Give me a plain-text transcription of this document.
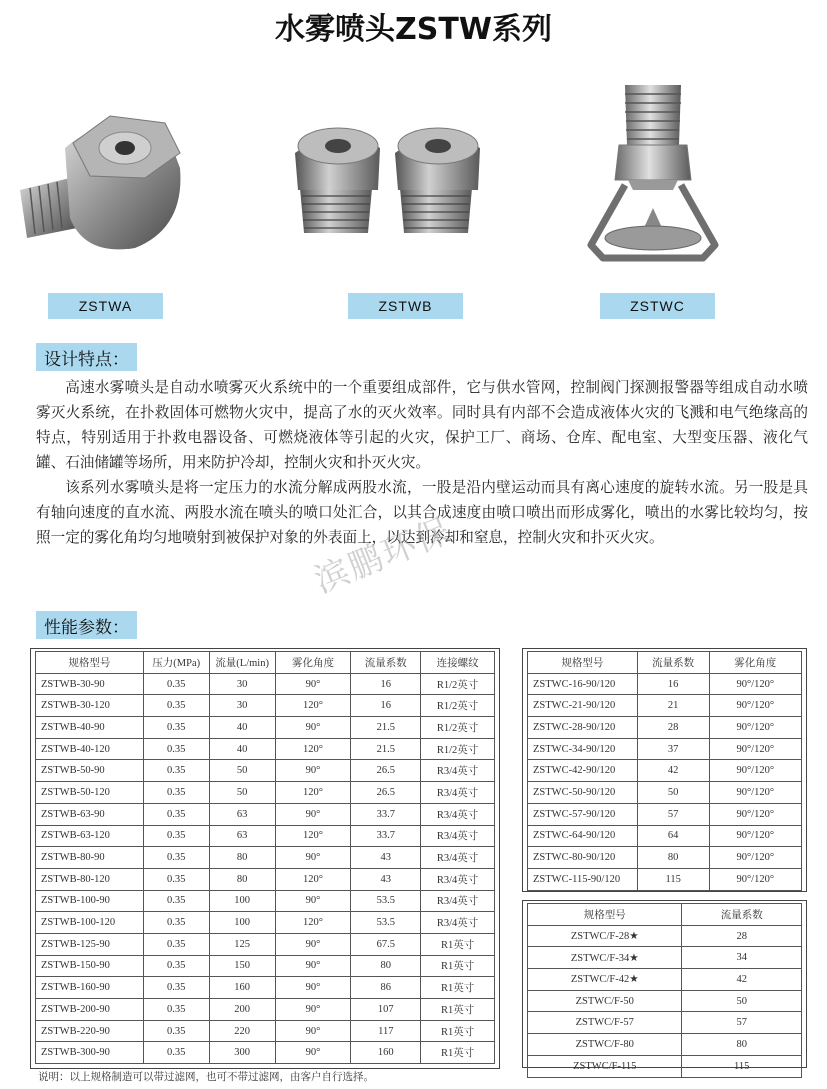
水雾喷头ZSTW系列
ZSTWA	ZSTWB	ZSTWC
设计特点：
高速水雾喷头是自动水喷雾灭火系统中的一个重要组成部件，它与供水管网，控制阀门探测报警器等组成自动水喷雾灭火系统，在扑救固体可燃物火灾中，提高了水的灭火效率。同时具有内部不会造成液体火灾的飞溅和电气绝缘高的特点，特别适用于扑救电器设备、可燃烧液体等引起的火灾，保护工厂、商场、仓库、配电室、大型变压器、液化气罐、石油储罐等场所，用来防护冷却，控制火灾和扑灭火灾。
该系列水雾喷头是将一定压力的水流分解成两股水流，一股是沿内壁运动而具有离心速度的旋转水流。另一股是具有轴向速度的直水流、两股水流在喷头的喷口处汇合，以其合成速度由喷口喷出而形成雾化，喷出的水雾比较均匀，按照一定的雾化角均匀地喷射到被保护对象的外表面上，以达到冷却和窒息，控制火灾和扑灭火灾。
滨鹏环保
性能参数：
规格型号	压力(MPa)	流量(L/min)	雾化角度	流量系数	连接螺纹
ZSTWB-30-90	0.35	30	90°	16	R1/2英寸
ZSTWB-30-120	0.35	30	120°	16	R1/2英寸
ZSTWB-40-90	0.35	40	90°	21.5	R1/2英寸
ZSTWB-40-120	0.35	40	120°	21.5	R1/2英寸
ZSTWB-50-90	0.35	50	90°	26.5	R3/4英寸
ZSTWB-50-120	0.35	50	120°	26.5	R3/4英寸
ZSTWB-63-90	0.35	63	90°	33.7	R3/4英寸
ZSTWB-63-120	0.35	63	120°	33.7	R3/4英寸
ZSTWB-80-90	0.35	80	90°	43	R3/4英寸
ZSTWB-80-120	0.35	80	120°	43	R3/4英寸
ZSTWB-100-90	0.35	100	90°	53.5	R3/4英寸
ZSTWB-100-120	0.35	100	120°	53.5	R3/4英寸
ZSTWB-125-90	0.35	125	90°	67.5	R1英寸
ZSTWB-150-90	0.35	150	90°	80	R1英寸
ZSTWB-160-90	0.35	160	90°	86	R1英寸
ZSTWB-200-90	0.35	200	90°	107	R1英寸
ZSTWB-220-90	0.35	220	90°	117	R1英寸
ZSTWB-300-90	0.35	300	90°	160	R1英寸
规格型号	流量系数	雾化角度
ZSTWC-16-90/120	16	90°/120°
ZSTWC-21-90/120	21	90°/120°
ZSTWC-28-90/120	28	90°/120°
ZSTWC-34-90/120	37	90°/120°
ZSTWC-42-90/120	42	90°/120°
ZSTWC-50-90/120	50	90°/120°
ZSTWC-57-90/120	57	90°/120°
ZSTWC-64-90/120	64	90°/120°
ZSTWC-80-90/120	80	90°/120°
ZSTWC-115-90/120	115	90°/120°
规格型号	流量系数
ZSTWC/F-28★	28
ZSTWC/F-34★	34
ZSTWC/F-42★	42
ZSTWC/F-50	50
ZSTWC/F-57	57
ZSTWC/F-80	80
ZSTWC/F-115	115
说明：以上规格制造可以带过滤网，也可不带过滤网，由客户自行选择。
